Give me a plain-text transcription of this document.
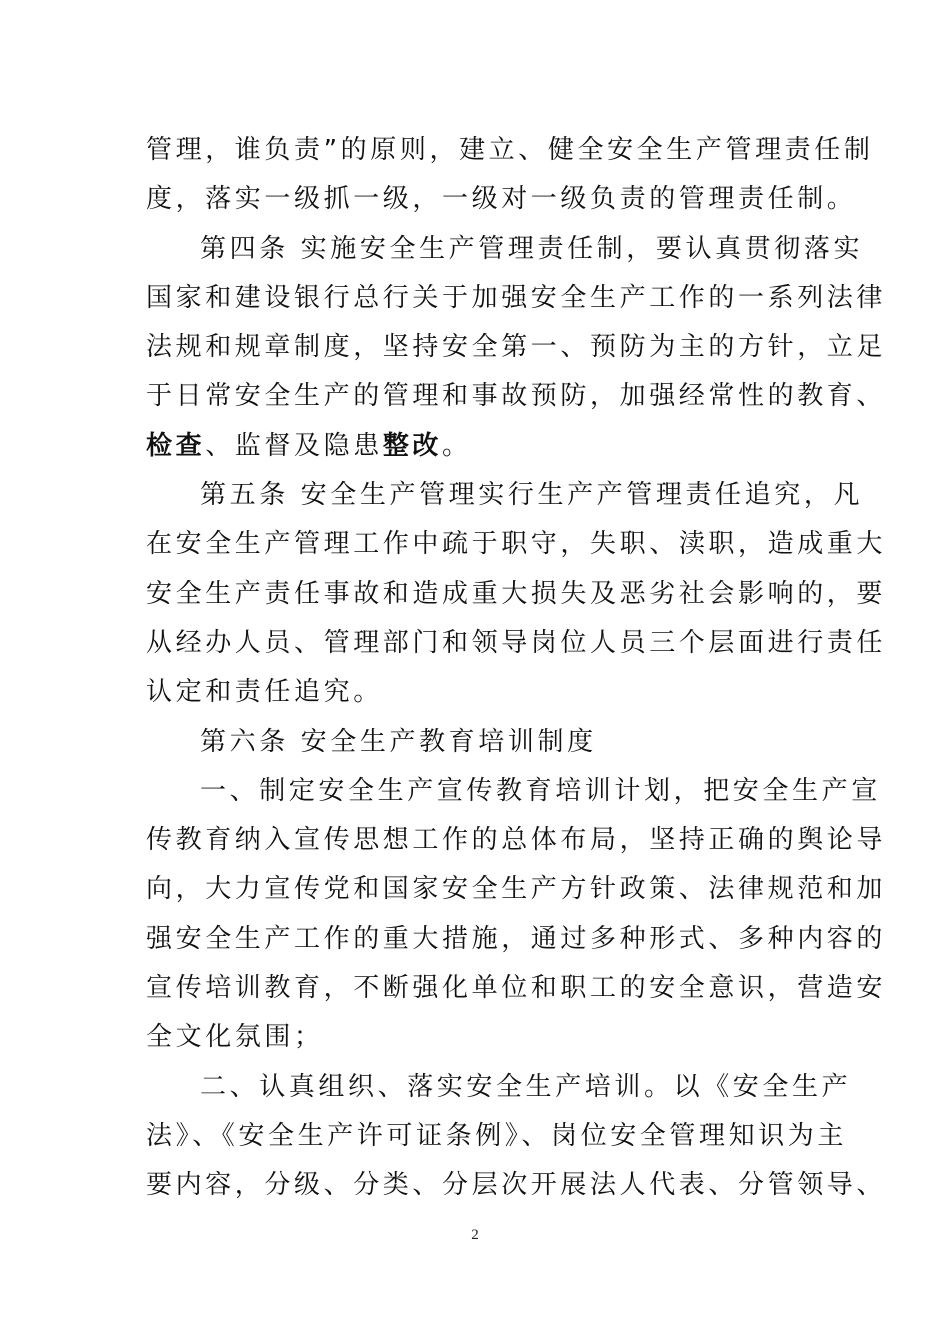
管理，谁负责”的原则，建立、健全安全生产管理责任制
度，落实一级抓一级，一级对一级负责的管理责任制。
第四条 实施安全生产管理责任制，要认真贯彻落实
国家和建设银行总行关于加强安全生产工作的一系列法律
法规和规章制度，坚持安全第一、预防为主的方针，立足
于日常安全生产的管理和事故预防，加强经常性的教育、
检查、监督及隐患整改。
第五条 安全生产管理实行生产产管理责任追究，凡
在安全生产管理工作中疏于职守，失职、渎职，造成重大
安全生产责任事故和造成重大损失及恶劣社会影响的，要
从经办人员、管理部门和领导岗位人员三个层面进行责任
认定和责任追究。
第六条 安全生产教育培训制度
一、制定安全生产宣传教育培训计划，把安全生产宣
传教育纳入宣传思想工作的总体布局，坚持正确的舆论导
向，大力宣传党和国家安全生产方针政策、法律规范和加
强安全生产工作的重大措施，通过多种形式、多种内容的
宣传培训教育，不断强化单位和职工的安全意识，营造安
全文化氛围；
二、认真组织、落实安全生产培训。以《安全生产
法》、《安全生产许可证条例》、岗位安全管理知识为主
要内容，分级、分类、分层次开展法人代表、分管领导、
2
